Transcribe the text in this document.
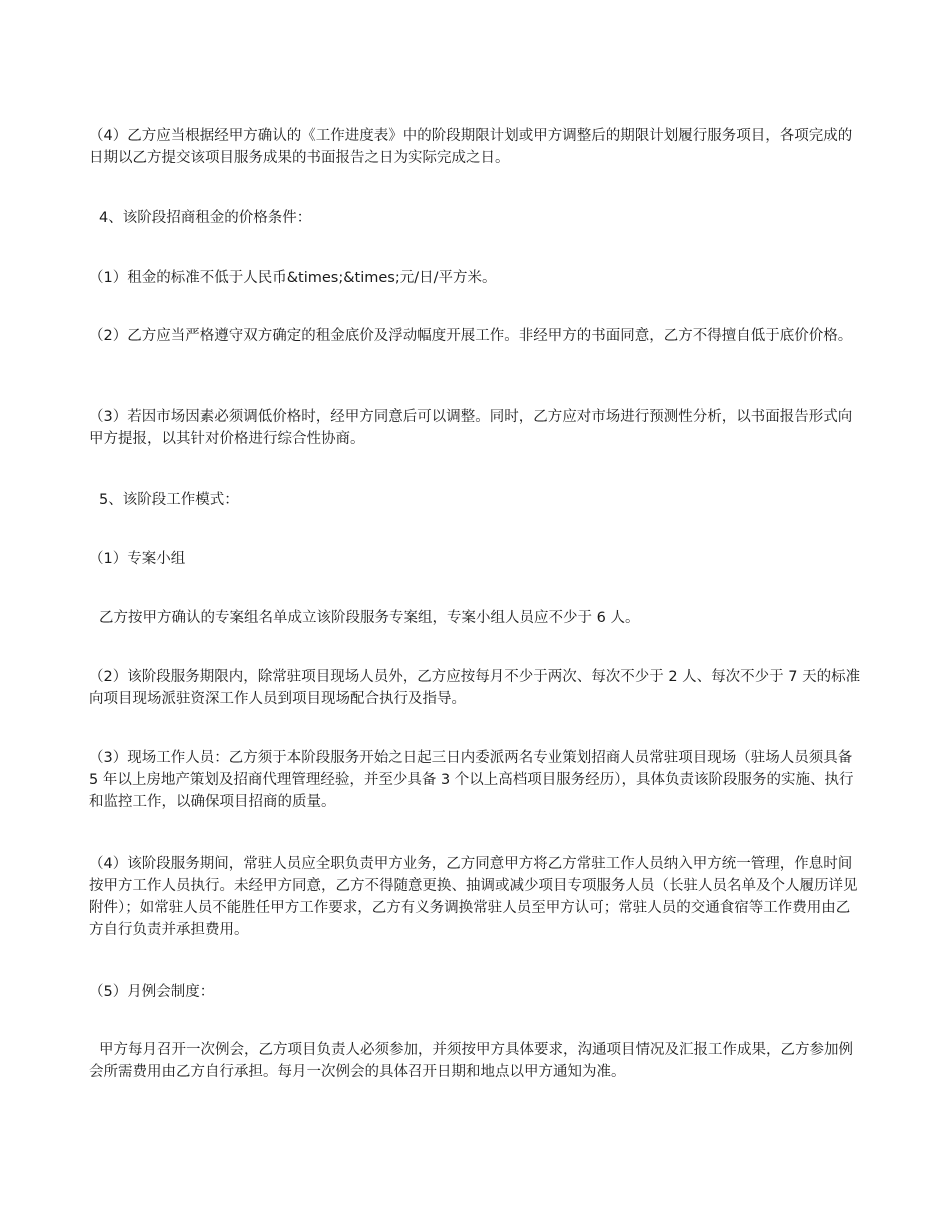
（4）乙方应当根据经甲方确认的《工作进度表》中的阶段期限计划或甲方调整后的期限计划履行服务项目，各项完成的日期以乙方提交该项目服务成果的书面报告之日为实际完成之日。

4、该阶段招商租金的价格条件：

（1）租金的标准不低于人民币&times;&times;元/日/平方米。

（2）乙方应当严格遵守双方确定的租金底价及浮动幅度开展工作。非经甲方的书面同意，乙方不得擅自低于底价价格。

（3）若因市场因素必须调低价格时，经甲方同意后可以调整。同时，乙方应对市场进行预测性分析，以书面报告形式向甲方提报，以其针对价格进行综合性协商。

5、该阶段工作模式：

（1）专案小组

乙方按甲方确认的专案组名单成立该阶段服务专案组，专案小组人员应不少于 6 人。

（2）该阶段服务期限内，除常驻项目现场人员外，乙方应按每月不少于两次、每次不少于 2 人、每次不少于 7 天的标准向项目现场派驻资深工作人员到项目现场配合执行及指导。

（3）现场工作人员：乙方须于本阶段服务开始之日起三日内委派两名专业策划招商人员常驻项目现场（驻场人员须具备 5 年以上房地产策划及招商代理管理经验，并至少具备 3 个以上高档项目服务经历），具体负责该阶段服务的实施、执行和监控工作，以确保项目招商的质量。

（4）该阶段服务期间，常驻人员应全职负责甲方业务，乙方同意甲方将乙方常驻工作人员纳入甲方统一管理，作息时间按甲方工作人员执行。未经甲方同意，乙方不得随意更换、抽调或减少项目专项服务人员（长驻人员名单及个人履历详见附件）；如常驻人员不能胜任甲方工作要求，乙方有义务调换常驻人员至甲方认可；常驻人员的交通食宿等工作费用由乙方自行负责并承担费用。

（5）月例会制度：

甲方每月召开一次例会，乙方项目负责人必须参加，并须按甲方具体要求，沟通项目情况及汇报工作成果，乙方参加例会所需费用由乙方自行承担。每月一次例会的具体召开日期和地点以甲方通知为准。
